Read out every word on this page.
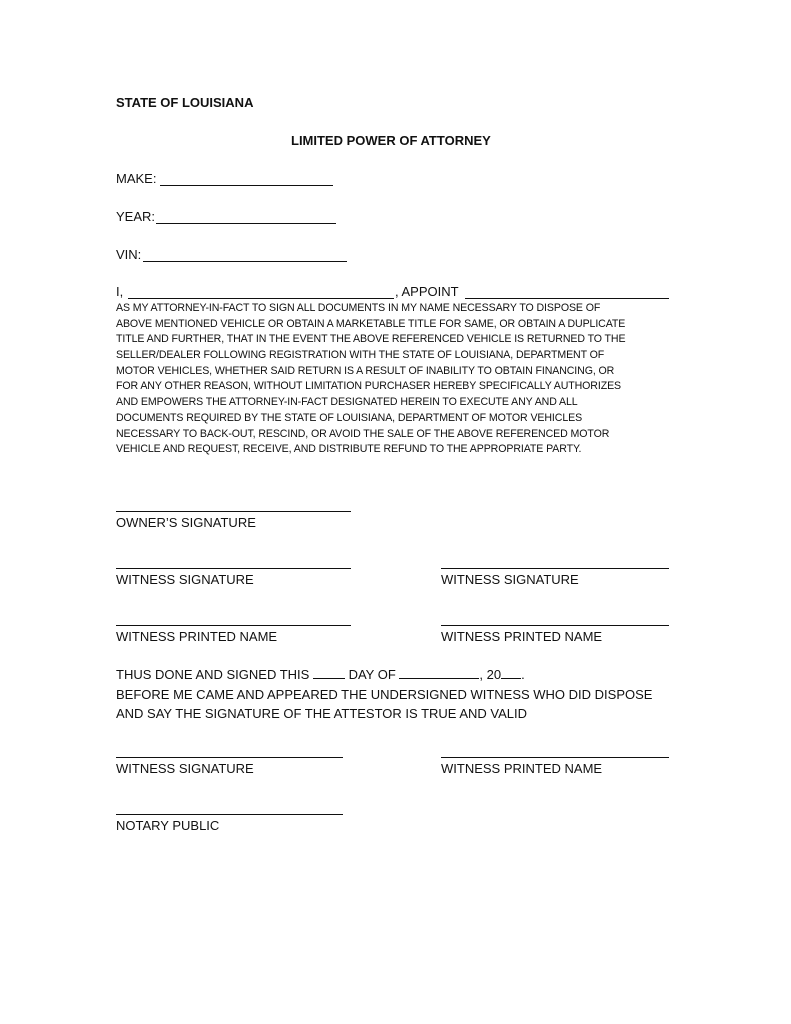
STATE OF LOUISIANA
LIMITED POWER OF ATTORNEY
MAKE:
YEAR:
VIN:
I,	, APPOINT
AS MY ATTORNEY-IN-FACT TO SIGN ALL DOCUMENTS IN MY NAME NECESSARY TO DISPOSE OF
ABOVE MENTIONED VEHICLE OR OBTAIN A MARKETABLE TITLE FOR SAME, OR OBTAIN A DUPLICATE
TITLE AND FURTHER, THAT IN THE EVENT THE ABOVE REFERENCED VEHICLE IS RETURNED TO THE
SELLER/DEALER FOLLOWING REGISTRATION WITH THE STATE OF LOUISIANA, DEPARTMENT OF
MOTOR VEHICLES, WHETHER SAID RETURN IS A RESULT OF INABILITY TO OBTAIN FINANCING, OR
FOR ANY OTHER REASON, WITHOUT LIMITATION PURCHASER HEREBY SPECIFICALLY AUTHORIZES
AND EMPOWERS THE ATTORNEY-IN-FACT DESIGNATED HEREIN TO EXECUTE ANY AND ALL
DOCUMENTS REQUIRED BY THE STATE OF LOUISIANA, DEPARTMENT OF MOTOR VEHICLES
NECESSARY TO BACK-OUT, RESCIND, OR AVOID THE SALE OF THE ABOVE REFERENCED MOTOR
VEHICLE AND REQUEST, RECEIVE, AND DISTRIBUTE REFUND TO THE APPROPRIATE PARTY.
OWNER’S SIGNATURE
WITNESS SIGNATURE	WITNESS SIGNATURE
WITNESS PRINTED NAME	WITNESS PRINTED NAME
THUS DONE AND SIGNED THIS  DAY OF	, 20 .
BEFORE ME CAME AND APPEARED THE UNDERSIGNED WITNESS WHO DID DISPOSE
AND SAY THE SIGNATURE OF THE ATTESTOR IS TRUE AND VALID
WITNESS SIGNATURE	WITNESS PRINTED NAME
NOTARY PUBLIC
